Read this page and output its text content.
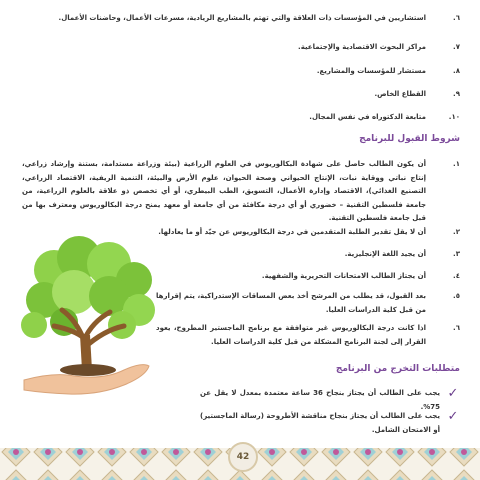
٦.
استشاريين في المؤسسات ذات العلاقة والتي تهتم بالمشاريع الريادية، مسرعات الأعمال، وحاضنات الأعمال.
٧.
مراكز البحوث الاقتصادية والإجتماعية.
٨.
مستشار للمؤسسات والمشاريع.
٩.
القطاع الخاص.
١٠.
متابعة الدكتوراه في نفس المجال.
شروط القبول للبرنامج
١.
أن يكون الطالب حاصل على شهادة البكالوريوس في العلوم الزراعية (بيئة وزراعة مستدامة، بستنة وإرشاد زراعي، إنتاج نباتي ووقاية نبات، الإنتاج الحيواني وصحة الحيوان، علوم الأرض والبيئة، التنمية الريفية، الاقتصاد الزراعي، التصنيع الغذائي)، الاقتصاد وإدارة الأعمال، التسويق، الطب البيطري، أو أي تخصص ذو علاقة بالعلوم الزراعية، من جامعة فلسطين التقنية – خضوري أو أي درجة مكافئة من أي جامعة أو معهد يمنح درجة البكالوريوس ومعترف بها من قبل جامعة فلسطين التقنية.
٢.
أن لا يقل تقدير الطلبة المتقدمين في درجة البكالوريوس عن جيّد أو ما يعادلها.
٣.
أن يجيد اللغة الإنجليزية.
٤.
أن يجتاز الطالب الامتحانات التحريرية والشفهية.
٥.
بعد القبول، قد يطلب من المرشح أخذ بعض المساقات الإستدراكية، يتم إقرارها من قبل كلية الدراسات العليا.
٦.
اذا كانت درجة البكالوريوس غير متوافقة مع برنامج الماجستير المطروح، يعود القرار إلى لجنة البرنامج المشكلة من قبل كلية الدراسات العليا.
متطلبات التخرج من البرنامج
✓
يجب على الطالب أن يجتاز بنجاح 36 ساعة معتمدة بمعدل لا يقل عن 75%.
✓
يجب على الطالب أن يجتاز بنجاح مناقشة الأطروحة (رسالة الماجستير) أو الامتحان الشامل.
42
